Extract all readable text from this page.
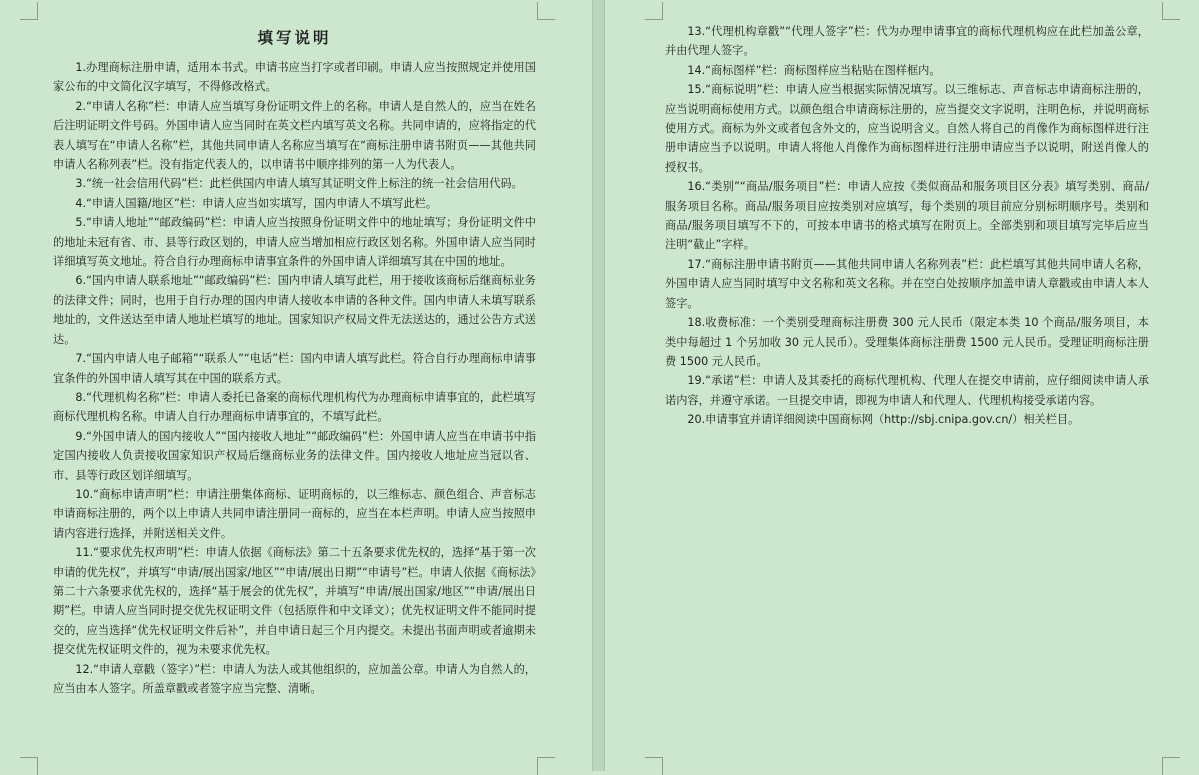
填写说明

1.办理商标注册申请，适用本书式。申请书应当打字或者印刷。申请人应当按照规定并使用国家公布的中文简化汉字填写，不得修改格式。

2.“申请人名称”栏：申请人应当填写身份证明文件上的名称。申请人是自然人的，应当在姓名后注明证明文件号码。外国申请人应当同时在英文栏内填写英文名称。共同申请的，应将指定的代表人填写在“申请人名称”栏，其他共同申请人名称应当填写在“商标注册申请书附页——其他共同申请人名称列表”栏。没有指定代表人的，以申请书中顺序排列的第一人为代表人。

3.“统一社会信用代码”栏：此栏供国内申请人填写其证明文件上标注的统一社会信用代码。

4.“申请人国籍/地区”栏：申请人应当如实填写，国内申请人不填写此栏。

5.“申请人地址”“邮政编码”栏：申请人应当按照身份证明文件中的地址填写；身份证明文件中的地址未冠有省、市、县等行政区划的，申请人应当增加相应行政区划名称。外国申请人应当同时详细填写英文地址。符合自行办理商标申请事宜条件的外国申请人详细填写其在中国的地址。

6.“国内申请人联系地址”“邮政编码”栏：国内申请人填写此栏，用于接收该商标后继商标业务的法律文件；同时，也用于自行办理的国内申请人接收本申请的各种文件。国内申请人未填写联系地址的，文件送达至申请人地址栏填写的地址。国家知识产权局文件无法送达的，通过公告方式送达。

7.“国内申请人电子邮箱”“联系人”“电话”栏：国内申请人填写此栏。符合自行办理商标申请事宜条件的外国申请人填写其在中国的联系方式。

8.“代理机构名称”栏：申请人委托已备案的商标代理机构代为办理商标申请事宜的，此栏填写商标代理机构名称。申请人自行办理商标申请事宜的，不填写此栏。

9.“外国申请人的国内接收人”“国内接收人地址”“邮政编码”栏：外国申请人应当在申请书中指定国内接收人负责接收国家知识产权局后继商标业务的法律文件。国内接收人地址应当冠以省、市、县等行政区划详细填写。

10.“商标申请声明”栏：申请注册集体商标、证明商标的，以三维标志、颜色组合、声音标志申请商标注册的，两个以上申请人共同申请注册同一商标的，应当在本栏声明。申请人应当按照申请内容进行选择，并附送相关文件。

11.“要求优先权声明”栏：申请人依据《商标法》第二十五条要求优先权的，选择“基于第一次申请的优先权”，并填写“申请/展出国家/地区”“申请/展出日期”“申请号”栏。申请人依据《商标法》第二十六条要求优先权的，选择“基于展会的优先权”，并填写“申请/展出国家/地区”“申请/展出日期”栏。申请人应当同时提交优先权证明文件（包括原件和中文译文）；优先权证明文件不能同时提交的，应当选择“优先权证明文件后补”，并自申请日起三个月内提交。未提出书面声明或者逾期未提交优先权证明文件的，视为未要求优先权。

12.“申请人章戳（签字）”栏：申请人为法人或其他组织的，应加盖公章。申请人为自然人的，应当由本人签字。所盖章戳或者签字应当完整、清晰。

13.“代理机构章戳”“代理人签字”栏：代为办理申请事宜的商标代理机构应在此栏加盖公章，并由代理人签字。

14.“商标图样”栏：商标图样应当粘贴在图样框内。

15.“商标说明”栏：申请人应当根据实际情况填写。以三维标志、声音标志申请商标注册的，应当说明商标使用方式。以颜色组合申请商标注册的，应当提交文字说明，注明色标，并说明商标使用方式。商标为外文或者包含外文的，应当说明含义。自然人将自己的肖像作为商标图样进行注册申请应当予以说明。申请人将他人肖像作为商标图样进行注册申请应当予以说明，附送肖像人的授权书。

16.“类别”“商品/服务项目”栏：申请人应按《类似商品和服务项目区分表》填写类别、商品/服务项目名称。商品/服务项目应按类别对应填写，每个类别的项目前应分别标明顺序号。类别和商品/服务项目填写不下的，可按本申请书的格式填写在附页上。全部类别和项目填写完毕后应当注明“截止”字样。

17.“商标注册申请书附页——其他共同申请人名称列表”栏：此栏填写其他共同申请人名称，外国申请人应当同时填写中文名称和英文名称。并在空白处按顺序加盖申请人章戳或由申请人本人签字。

18.收费标准：一个类别受理商标注册费 300 元人民币（限定本类 10 个商品/服务项目，本类中每超过 1 个另加收 30 元人民币）。受理集体商标注册费 1500 元人民币。受理证明商标注册费 1500 元人民币。

19.“承诺”栏：申请人及其委托的商标代理机构、代理人在提交申请前，应仔细阅读申请人承诺内容，并遵守承诺。一旦提交申请，即视为申请人和代理人、代理机构接受承诺内容。

20.申请事宜并请详细阅读中国商标网（http://sbj.cnipa.gov.cn/）相关栏目。
